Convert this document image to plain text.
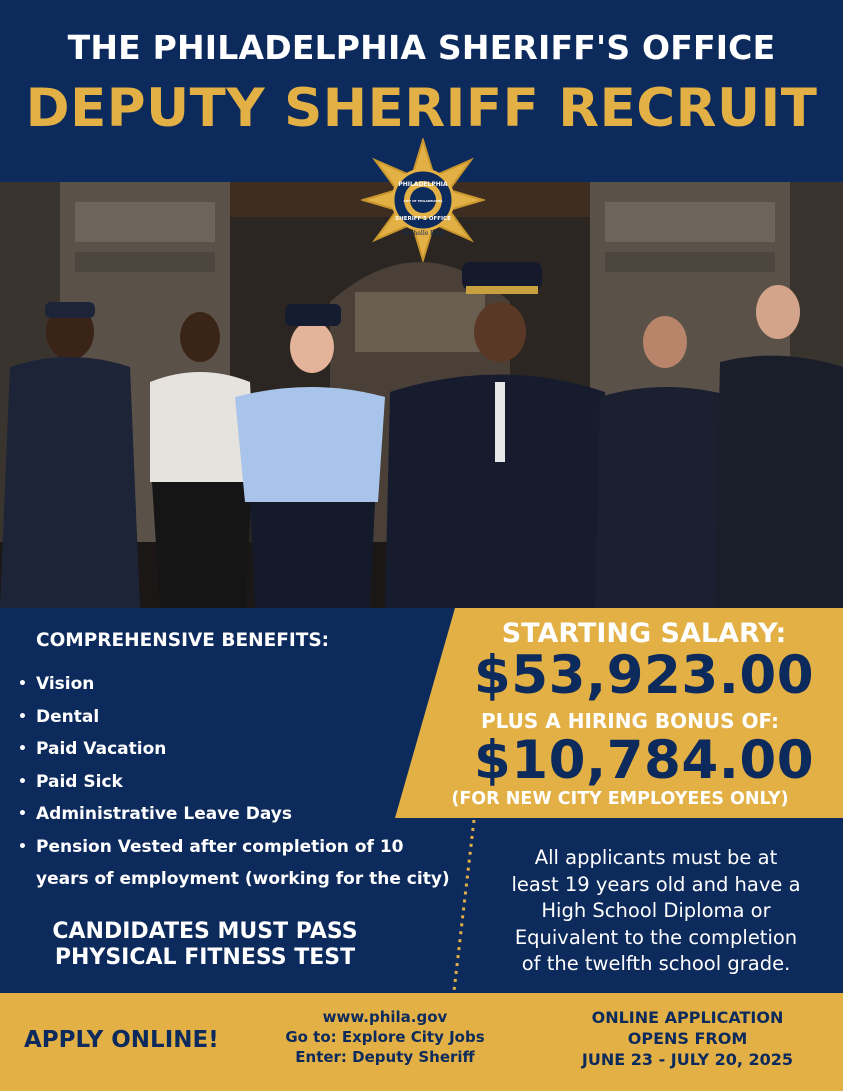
THE PHILADELPHIA SHERIFF'S OFFICE
DEPUTY SHERIFF RECRUIT
PHILADELPHIA
SHERIFF'S OFFICE
CITY OF PHILADELPHIA
Rochelle Bilal
COMPREHENSIVE BENEFITS:
• Vision
• Dental
• Paid Vacation
• Paid Sick
• Administrative Leave Days
• Pension Vested after completion of 10
years of employment (working for the city)
CANDIDATES MUST PASS
PHYSICAL FITNESS TEST
STARTING SALARY:
$53,923.00
PLUS A HIRING BONUS OF:
$10,784.00
(FOR NEW CITY EMPLOYEES ONLY)
All applicants must be at
least 19 years old and have a
High School Diploma or
Equivalent to the completion
of the twelfth school grade.
APPLY ONLINE!
www.phila.gov
Go to: Explore City Jobs
Enter: Deputy Sheriff
ONLINE APPLICATION
OPENS FROM
JUNE 23 - JULY 20, 2025
